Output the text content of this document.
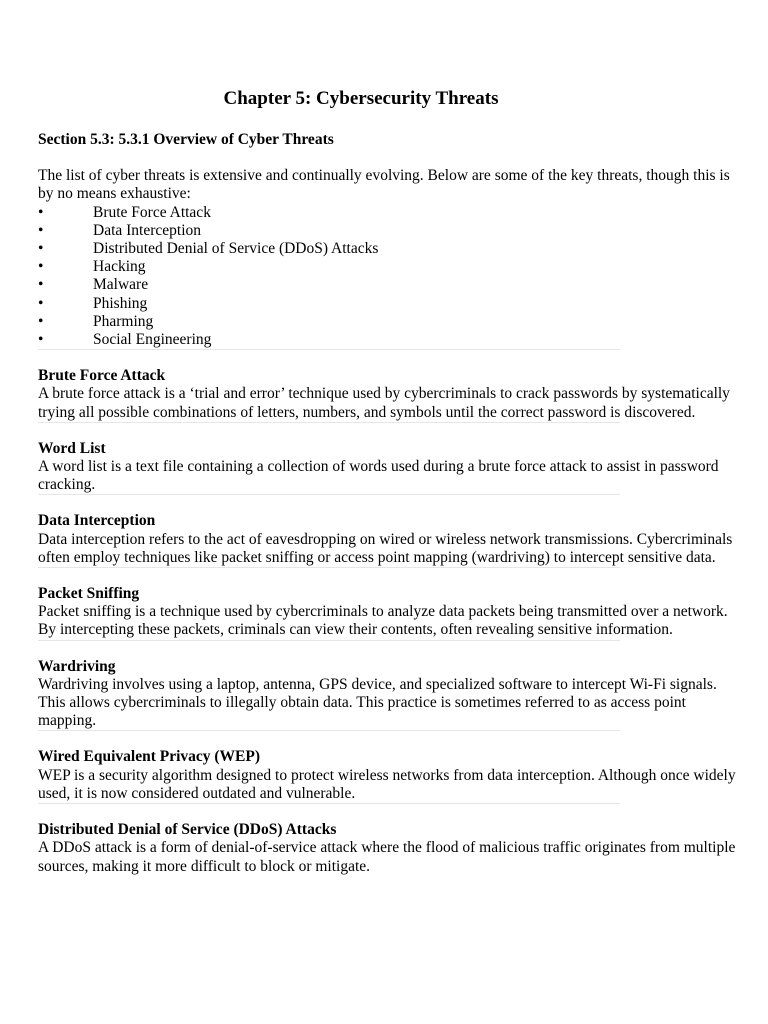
Chapter 5: Cybersecurity Threats

Section 5.3: 5.3.1 Overview of Cyber Threats

The list of cyber threats is extensive and continually evolving. Below are some of the key threats, though this is by no means exhaustive:

•	Brute Force Attack
•	Data Interception
•	Distributed Denial of Service (DDoS) Attacks
•	Hacking
•	Malware
•	Phishing
•	Pharming
•	Social Engineering

Brute Force Attack

A brute force attack is a ‘trial and error’ technique used by cybercriminals to crack passwords by systematically trying all possible combinations of letters, numbers, and symbols until the correct password is discovered.

Word List

A word list is a text file containing a collection of words used during a brute force attack to assist in password cracking.

Data Interception

Data interception refers to the act of eavesdropping on wired or wireless network transmissions. Cybercriminals often employ techniques like packet sniffing or access point mapping (wardriving) to intercept sensitive data.

Packet Sniffing

Packet sniffing is a technique used by cybercriminals to analyze data packets being transmitted over a network. By intercepting these packets, criminals can view their contents, often revealing sensitive information.

Wardriving

Wardriving involves using a laptop, antenna, GPS device, and specialized software to intercept Wi-Fi signals. This allows cybercriminals to illegally obtain data. This practice is sometimes referred to as access point mapping.

Wired Equivalent Privacy (WEP)

WEP is a security algorithm designed to protect wireless networks from data interception. Although once widely used, it is now considered outdated and vulnerable.

Distributed Denial of Service (DDoS) Attacks

A DDoS attack is a form of denial-of-service attack where the flood of malicious traffic originates from multiple sources, making it more difficult to block or mitigate.
